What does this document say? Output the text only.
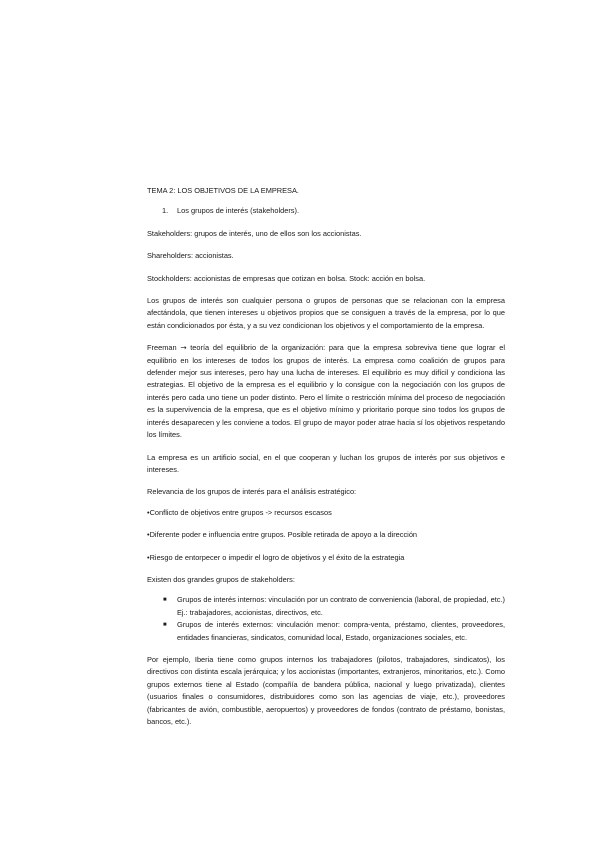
TEMA 2: LOS OBJETIVOS DE LA EMPRESA.

1.	Los grupos de interés (stakeholders).

Stakeholders: grupos de interés, uno de ellos son los accionistas.

Shareholders: accionistas.

Stockholders: accionistas de empresas que cotizan en bolsa. Stock: acción en bolsa.

Los grupos de interés son cualquier persona o grupos de personas que se relacionan con la empresa afectándola, que tienen intereses u objetivos propios que se consiguen a través de la empresa, por lo que están condicionados por ésta, y a su vez condicionan los objetivos y el comportamiento de la empresa.

Freeman → teoría del equilibrio de la organización: para que la empresa sobreviva tiene que lograr el equilibrio en los intereses de todos los grupos de interés. La empresa como coalición de grupos para defender mejor sus intereses, pero hay una lucha de intereses. El equilibrio es muy difícil y condiciona las estrategias. El objetivo de la empresa es el equilibrio y lo consigue con la negociación con los grupos de interés pero cada uno tiene un poder distinto. Pero el límite o restricción mínima del proceso de negociación es la supervivencia de la empresa, que es el objetivo mínimo y prioritario porque sino todos los grupos de interés desaparecen y les conviene a todos. El grupo de mayor poder atrae hacia sí los objetivos respetando los límites.

La empresa es un artificio social, en el que cooperan y luchan los grupos de interés por sus objetivos e intereses.

Relevancia de los grupos de interés para el análisis estratégico:

•Conflicto de objetivos entre grupos -> recursos escasos

•Diferente poder e influencia entre grupos. Posible retirada de apoyo a la dirección

•Riesgo de entorpecer o impedir el logro de objetivos y el éxito de la estrategia

Existen dos grandes grupos de stakeholders:

■	Grupos de interés internos: vinculación por un contrato de conveniencia (laboral, de propiedad, etc.) Ej.: trabajadores, accionistas, directivos, etc.
■	Grupos de interés externos: vinculación menor: compra-venta, préstamo, clientes, proveedores, entidades financieras, sindicatos, comunidad local, Estado, organizaciones sociales, etc.

Por ejemplo, Iberia tiene como grupos internos los trabajadores (pilotos, trabajadores, sindicatos), los directivos con distinta escala jerárquica; y los accionistas (importantes, extranjeros, minoritarios, etc.). Como grupos externos tiene al Estado (compañía de bandera pública, nacional y luego privatizada), clientes (usuarios finales o consumidores, distribuidores como son las agencias de viaje, etc.), proveedores (fabricantes de avión, combustible, aeropuertos) y proveedores de fondos (contrato de préstamo, bonistas, bancos, etc.).
